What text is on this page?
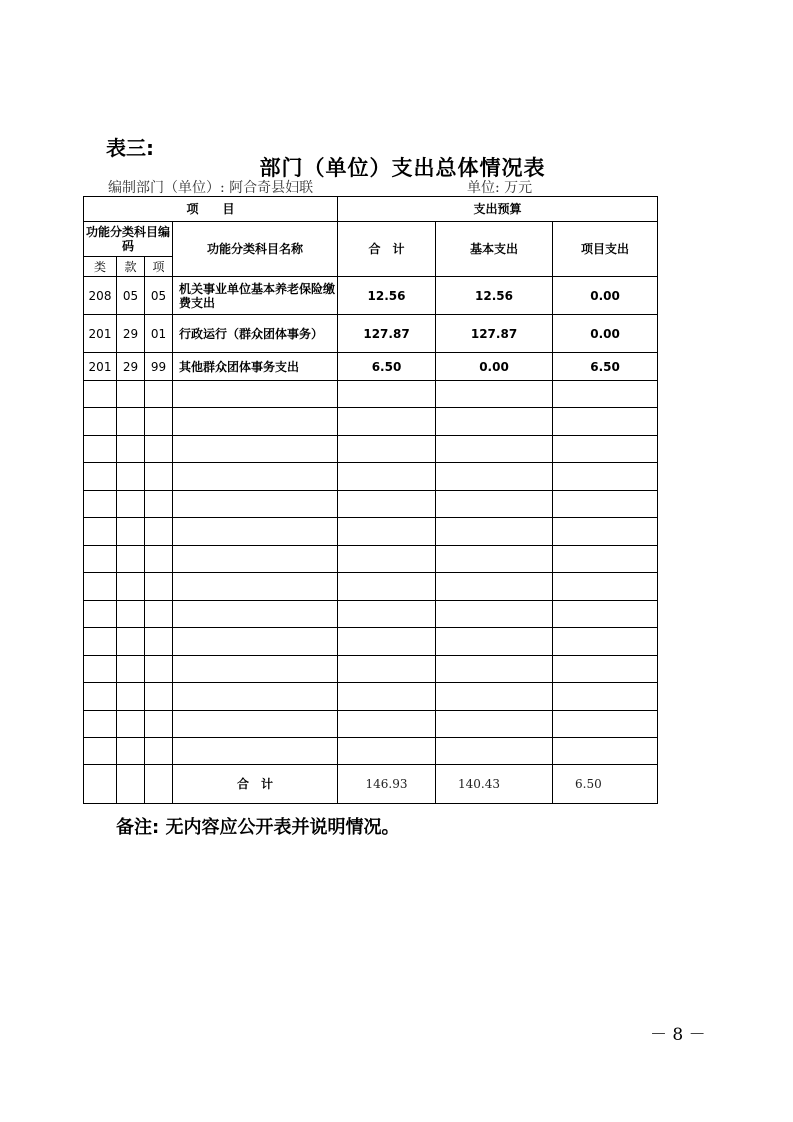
表三:
部门（单位）支出总体情况表
编制部门（单位）: 阿合奇县妇联	单位: 万元
项　　目				支出预算		
功能分类科目编码			功能分类科目名称	合　计	基本支出	项目支出
类	款	项				
208	05	05	机关事业单位基本养老保险缴费支出	12.56	12.56	0.00
201	29	01	行政运行（群众团体事务）	127.87	127.87	0.00
201	29	99	其他群众团体事务支出	6.50	0.00	6.50

			合　计	146.93	140.43	6.50
备注: 无内容应公开表并说明情况。
－ 8 －
